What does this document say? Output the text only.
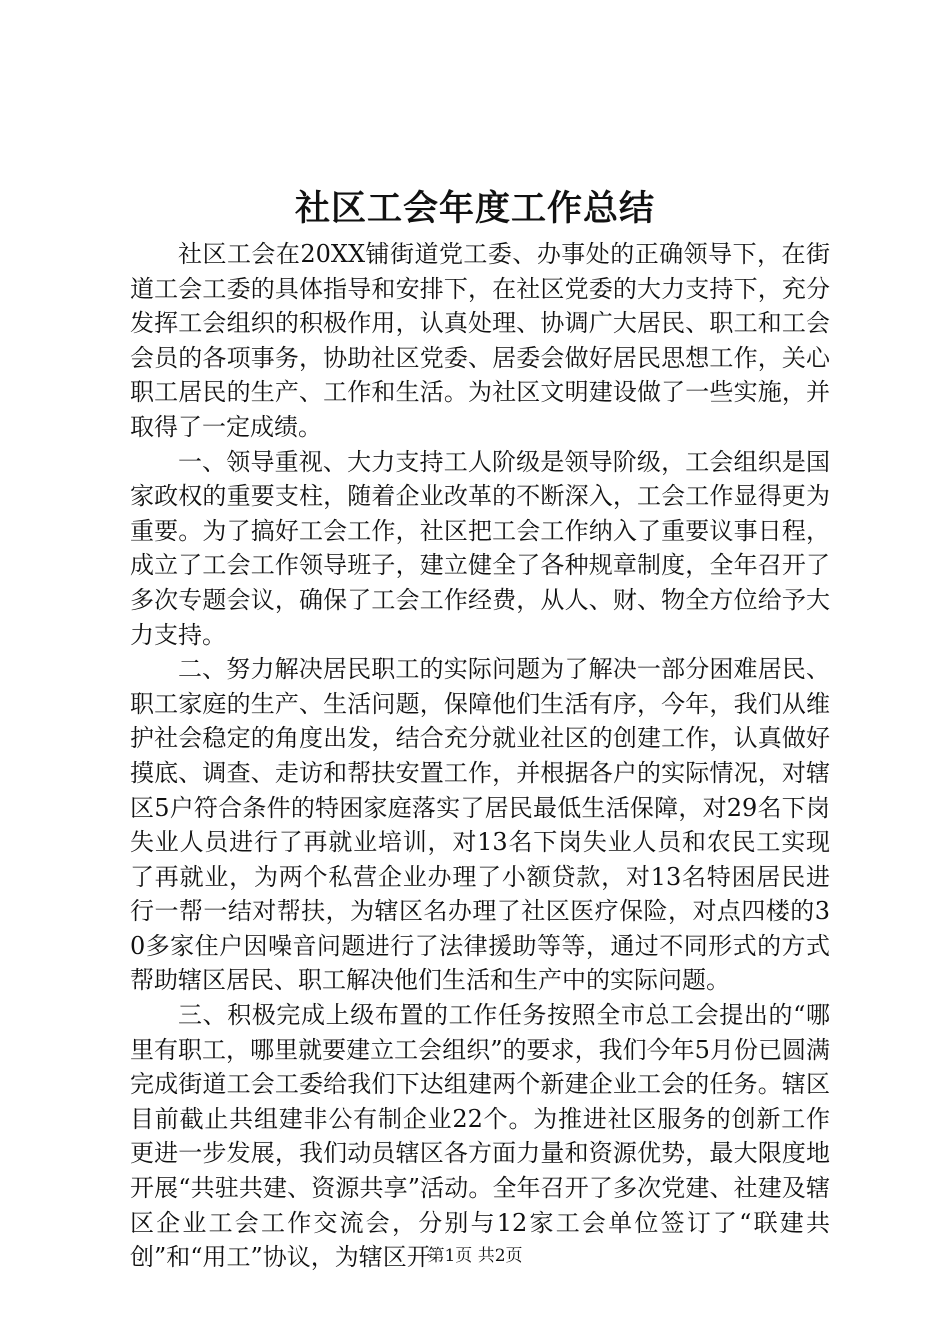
社区工会年度工作总结

社区工会在20XX铺街道党工委、办事处的正确领导下，在街道工会工委的具体指导和安排下，在社区党委的大力支持下，充分发挥工会组织的积极作用，认真处理、协调广大居民、职工和工会会员的各项事务，协助社区党委、居委会做好居民思想工作，关心职工居民的生产、工作和生活。为社区文明建设做了一些实施，并取得了一定成绩。

一、领导重视、大力支持工人阶级是领导阶级，工会组织是国家政权的重要支柱，随着企业改革的不断深入，工会工作显得更为重要。为了搞好工会工作，社区把工会工作纳入了重要议事日程，成立了工会工作领导班子，建立健全了各种规章制度，全年召开了多次专题会议，确保了工会工作经费，从人、财、物全方位给予大力支持。

二、努力解决居民职工的实际问题为了解决一部分困难居民、职工家庭的生产、生活问题，保障他们生活有序，今年，我们从维护社会稳定的角度出发，结合充分就业社区的创建工作，认真做好摸底、调查、走访和帮扶安置工作，并根据各户的实际情况，对辖区5户符合条件的特困家庭落实了居民最低生活保障，对29名下岗失业人员进行了再就业培训，对13名下岗失业人员和农民工实现了再就业，为两个私营企业办理了小额贷款，对13名特困居民进行一帮一结对帮扶，为辖区名办理了社区医疗保险，对点四楼的30多家住户因噪音问题进行了法律援助等等，通过不同形式的方式帮助辖区居民、职工解决他们生活和生产中的实际问题。

三、积极完成上级布置的工作任务按照全市总工会提出的“哪里有职工，哪里就要建立工会组织”的要求，我们今年5月份已圆满完成街道工会工委给我们下达组建两个新建企业工会的任务。辖区目前截止共组建非公有制企业22个。为推进社区服务的创新工作更进一步发展，我们动员辖区各方面力量和资源优势，最大限度地开展“共驻共建、资源共享”活动。全年召开了多次党建、社建及辖区企业工会工作交流会，分别与12家工会单位签订了“联建共创”和“用工”协议，为辖区开

第1页 共2页
